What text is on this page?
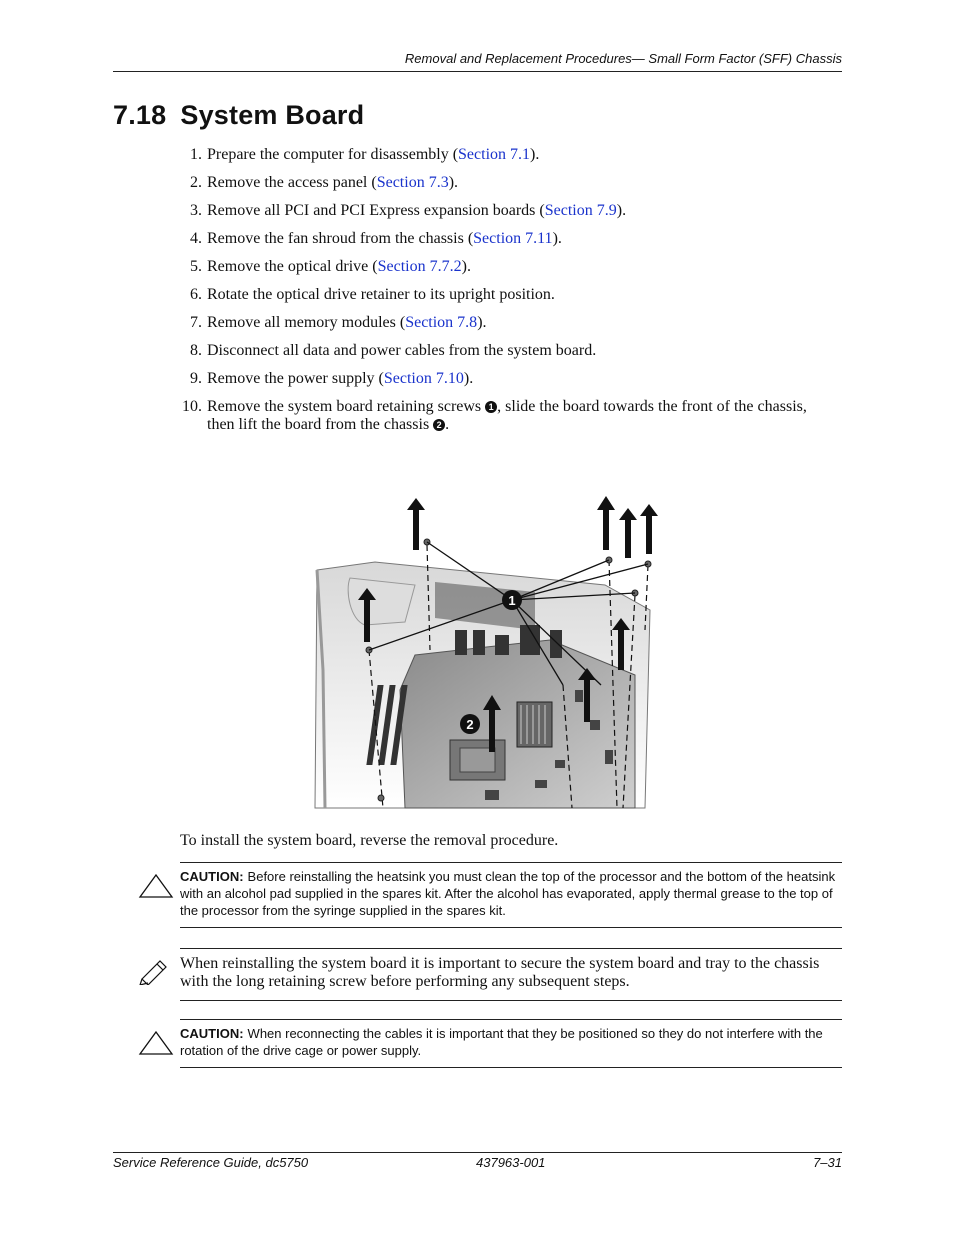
Removal and Replacement Procedures— Small Form Factor (SFF) Chassis
7.18 System Board
1. Prepare the computer for disassembly (Section 7.1).
2. Remove the access panel (Section 7.3).
3. Remove all PCI and PCI Express expansion boards (Section 7.9).
4. Remove the fan shroud from the chassis (Section 7.11).
5. Remove the optical drive (Section 7.7.2).
6. Rotate the optical drive retainer to its upright position.
7. Remove all memory modules (Section 7.8).
8. Disconnect all data and power cables from the system board.
9. Remove the power supply (Section 7.10).
10. Remove the system board retaining screws 1 , slide the board towards the front of the chassis, then lift the board from the chassis 2 .
1
2
To install the system board, reverse the removal procedure.
CAUTION: Before reinstalling the heatsink you must clean the top of the processor and the bottom of the heatsink with an alcohol pad supplied in the spares kit. After the alcohol has evaporated, apply thermal grease to the top of the processor from the syringe supplied in the spares kit.
When reinstalling the system board it is important to secure the system board and tray to the chassis with the long retaining screw before performing any subsequent steps.
CAUTION: When reconnecting the cables it is important that they be positioned so they do not interfere with the rotation of the drive cage or power supply.
Service Reference Guide, dc5750	437963-001	7–31
